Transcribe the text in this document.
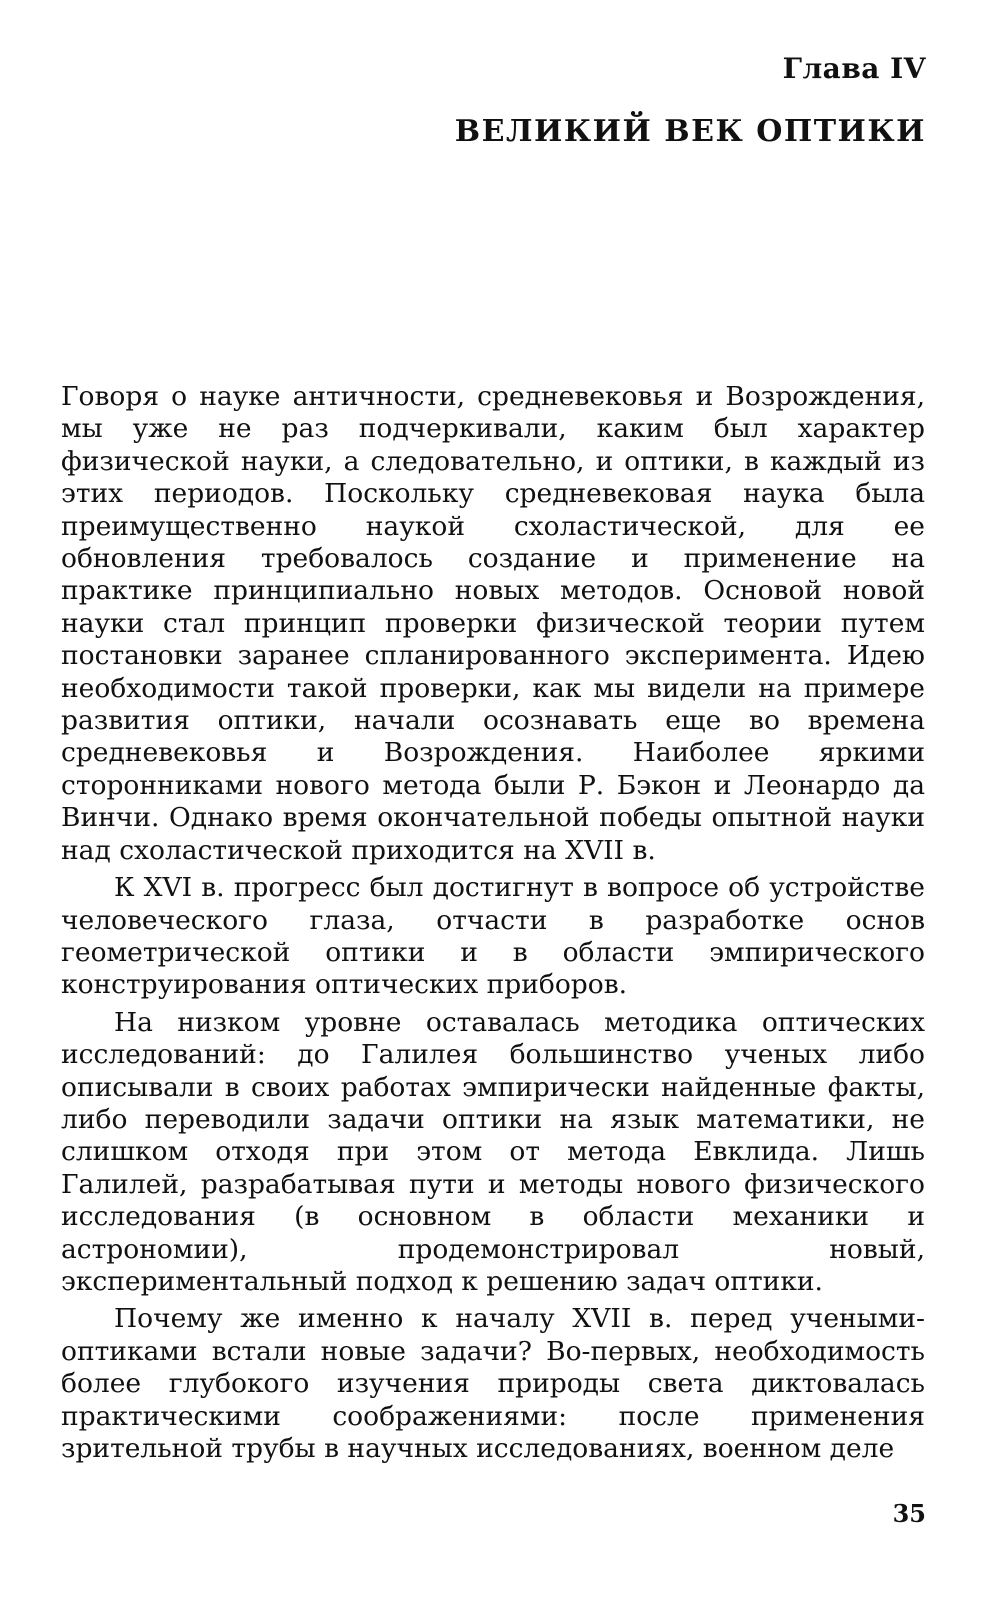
Глава IV
ВЕЛИКИЙ ВЕК ОПТИКИ

Говоря о науке античности, средневековья и Возрождения, мы уже не раз подчеркивали, каким был характер физической науки, а следовательно, и оптики, в каждый из этих периодов. Поскольку средневековая наука была преимущественно наукой схоластической, для ее обновления требовалось создание и применение на практике принципиально новых методов. Основой новой науки стал принцип проверки физической теории путем постановки заранее спланированного эксперимента. Идею необходимости такой проверки, как мы видели на примере развития оптики, начали осознавать еще во времена средневековья и Возрождения. Наиболее яркими сторонниками нового метода были Р. Бэкон и Леонардо да Винчи. Однако время окончательной победы опытной науки над схоластической приходится на XVII в.

К XVI в. прогресс был достигнут в вопросе об устройстве человеческого глаза, отчасти в разработке основ геометрической оптики и в области эмпирического конструирования оптических приборов.

На низком уровне оставалась методика оптических исследований: до Галилея большинство ученых либо описывали в своих работах эмпирически найденные факты, либо переводили задачи оптики на язык математики, не слишком отходя при этом от метода Евклида. Лишь Галилей, разрабатывая пути и методы нового физического исследования (в основном в области механики и астрономии), продемонстрировал новый, экспериментальный подход к решению задач оптики.

Почему же именно к началу XVII в. перед учеными-оптиками встали новые задачи? Во-первых, необходимость более глубокого изучения природы света диктовалась практическими соображениями: после применения зрительной трубы в научных исследованиях, военном деле

35
